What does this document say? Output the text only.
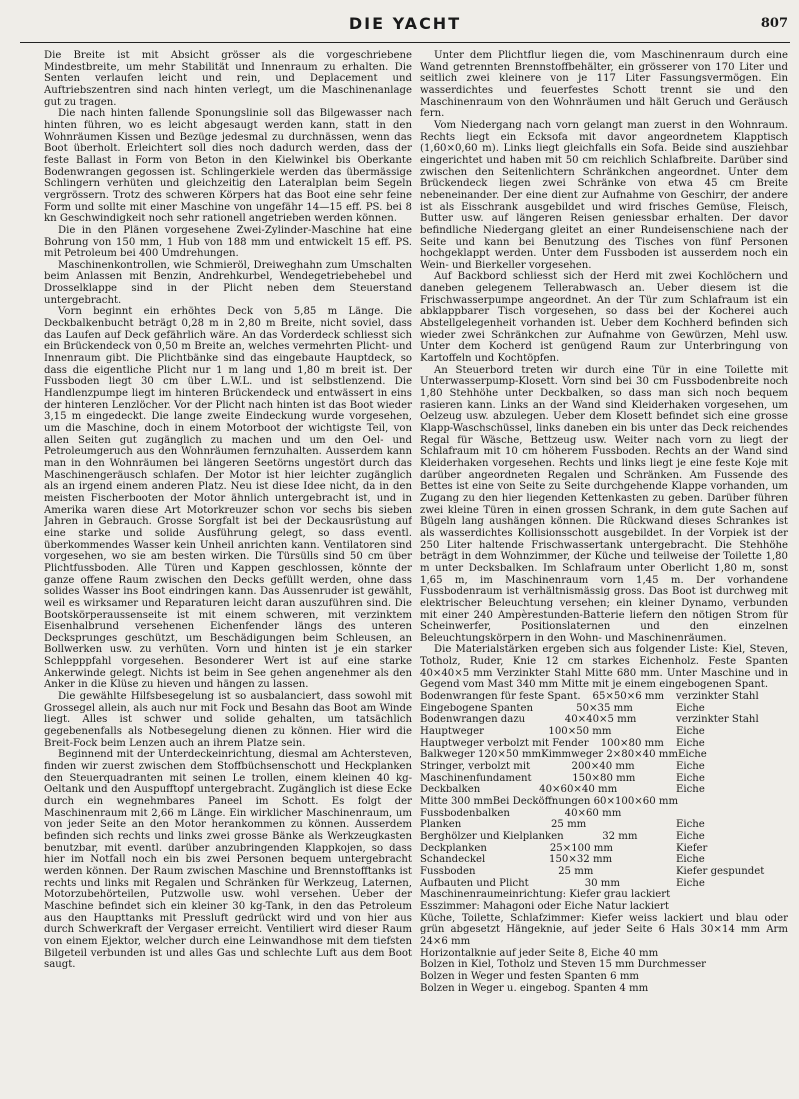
DIE YACHT	807

Die Breite ist mit Absicht grösser als die vorgeschriebene Mindestbreite, um mehr Stabilität und Innenraum zu erhalten. Die Senten verlaufen leicht und rein, und Deplacement und Auftriebszentren sind nach hinten verlegt, um die Maschinenanlage gut zu tragen.

Die nach hinten fallende Sponungslinie soll das Bilgewasser nach hinten führen, wo es leicht abgesaugt werden kann, statt in den Wohnräumen Kissen und Bezüge jedesmal zu durchnässen, wenn das Boot überholt. Erleichtert soll dies noch dadurch werden, dass der feste Ballast in Form von Beton in den Kielwinkel bis Oberkante Bodenwrangen gegossen ist. Schlingerkiele werden das übermässige Schlingern verhüten und gleichzeitig den Lateralplan beim Segeln vergrössern. Trotz des schweren Körpers hat das Boot eine sehr feine Form und sollte mit einer Maschine von ungefähr 14—15 eff. PS. bei 8 kn Geschwindigkeit noch sehr rationell angetrieben werden können.

Die in den Plänen vorgesehene Zwei-Zylinder-Maschine hat eine Bohrung von 150 mm, 1 Hub von 188 mm und entwickelt 15 eff. PS. mit Petroleum bei 400 Umdrehungen.

Maschinenkontrollen, wie Schmieröl, Dreiweghahn zum Umschalten beim Anlassen mit Benzin, Andrehkurbel, Wendegetriebehebel und Drosselklappe sind in der Plicht neben dem Steuerstand untergebracht.

Vorn beginnt ein erhöhtes Deck von 5,85 m Länge. Die Deckbalkenbucht beträgt 0,28 m in 2,80 m Breite, nicht soviel, dass das Laufen auf Deck gefährlich wäre. An das Vorderdeck schliesst sich ein Brückendeck von 0,50 m Breite an, welches vermehrten Plicht- und Innenraum gibt. Die Plichtbänke sind das eingebaute Hauptdeck, so dass die eigentliche Plicht nur 1 m lang und 1,80 m breit ist. Der Fussboden liegt 30 cm über L.W.L. und ist selbstlenzend. Die Handlenzpumpe liegt im hinteren Brückendeck und entwässert in eins der hinteren Lenzlöcher. Vor der Plicht nach hinten ist das Boot wieder 3,15 m eingedeckt. Die lange zweite Eindeckung wurde vorgesehen, um die Maschine, doch in einem Motorboot der wichtigste Teil, von allen Seiten gut zugänglich zu machen und um den Oel- und Petroleumgeruch aus den Wohnräumen fernzuhalten. Ausserdem kann man in den Wohnräumen bei längeren Seetörns ungestört durch das Maschinengeräusch schlafen. Der Motor ist hier leichter zugänglich als an irgend einem anderen Platz. Neu ist diese Idee nicht, da in den meisten Fischerbooten der Motor ähnlich untergebracht ist, und in Amerika waren diese Art Motorkreuzer schon vor sechs bis sieben Jahren in Gebrauch. Grosse Sorgfalt ist bei der Deckausrüstung auf eine starke und solide Ausführung gelegt, so dass eventl. überkommendes Wasser kein Unheil anrichten kann. Ventilatoren sind vorgesehen, wo sie am besten wirken. Die Türsülls sind 50 cm über Plichtfussboden. Alle Türen und Kappen geschlossen, könnte der ganze offene Raum zwischen den Decks gefüllt werden, ohne dass solides Wasser ins Boot eindringen kann. Das Aussenruder ist gewählt, weil es wirksamer und Reparaturen leicht daran auszuführen sind. Die Bootskörperaussenseite ist mit einem schweren, mit verzinktem Eisenhalbrund versehenen Eichenfender längs des unteren Decksprunges geschützt, um Beschädigungen beim Schleusen, an Bollwerken usw. zu verhüten. Vorn und hinten ist je ein starker Schlepppfahl vorgesehen. Besonderer Wert ist auf eine starke Ankerwinde gelegt. Nichts ist beim in See gehen angenehmer als den Anker in die Klüse zu hieven und hängen zu lassen.

Die gewählte Hilfsbesegelung ist so ausbalanciert, dass sowohl mit Grossegel allein, als auch nur mit Fock und Besahn das Boot am Winde liegt. Alles ist schwer und solide gehalten, um tatsächlich gegebenenfalls als Notbesegelung dienen zu können. Hier wird die Breit-Fock beim Lenzen auch an ihrem Platze sein.

Beginnend mit der Unterdeckeinrichtung, diesmal am Achtersteven, finden wir zuerst zwischen dem Stoffbüchsenschott und Heckplanken den Steuerquadranten mit seinen Le trollen, einem kleinen 40 kg-Oeltank und den Auspufftopf untergebracht. Zugänglich ist diese Ecke durch ein wegnehmbares Paneel im Schott. Es folgt der Maschinenraum mit 2,66 m Länge. Ein wirklicher Maschinenraum, um von jeder Seite an den Motor herankommen zu können. Ausserdem befinden sich rechts und links zwei grosse Bänke als Werkzeugkasten benutzbar, mit eventl. darüber anzubringenden Klappkojen, so dass hier im Notfall noch ein bis zwei Personen bequem untergebracht werden können. Der Raum zwischen Maschine und Brennstofftanks ist rechts und links mit Regalen und Schränken für Werkzeug, Laternen, Motorzubehörteilen, Putzwolle usw. wohl versehen. Ueber der Maschine befindet sich ein kleiner 30 kg-Tank, in den das Petroleum aus den Haupttanks mit Pressluft gedrückt wird und von hier aus durch Schwerkraft der Vergaser erreicht. Ventiliert wird dieser Raum von einem Ejektor, welcher durch eine Leinwandhose mit dem tiefsten Bilgeteil verbunden ist und alles Gas und schlechte Luft aus dem Boot saugt.

Unter dem Plichtflur liegen die, vom Maschinenraum durch eine Wand getrennten Brennstoffbehälter, ein grösserer von 170 Liter und seitlich zwei kleinere von je 117 Liter Fassungsvermögen. Ein wasserdichtes und feuerfestes Schott trennt sie und den Maschinenraum von den Wohnräumen und hält Geruch und Geräusch fern.

Vom Niedergang nach vorn gelangt man zuerst in den Wohnraum. Rechts liegt ein Ecksofa mit davor angeordnetem Klapptisch (1,60×0,60 m). Links liegt gleichfalls ein Sofa. Beide sind ausziehbar eingerichtet und haben mit 50 cm reichlich Schlafbreite. Darüber sind zwischen den Seitenlichtern Schränkchen angeordnet. Unter dem Brückendeck liegen zwei Schränke von etwa 45 cm Breite nebeneinander. Der eine dient zur Aufnahme von Geschirr, der andere ist als Eisschrank ausgebildet und wird frisches Gemüse, Fleisch, Butter usw. auf längeren Reisen geniessbar erhalten. Der davor befindliche Niedergang gleitet an einer Rundeisenschiene nach der Seite und kann bei Benutzung des Tisches von fünf Personen hochgeklappt werden. Unter dem Fussboden ist ausserdem noch ein Wein- und Bierkeller vorgesehen.

Auf Backbord schliesst sich der Herd mit zwei Kochlöchern und daneben gelegenem Tellerabwasch an. Ueber diesem ist die Frischwasserpumpe angeordnet. An der Tür zum Schlafraum ist ein abklappbarer Tisch vorgesehen, so dass bei der Kocherei auch Abstellgelegenheit vorhanden ist. Ueber dem Kochherd befinden sich wieder zwei Schränkchen zur Aufnahme von Gewürzen, Mehl usw. Unter dem Kocherd ist genügend Raum zur Unterbringung von Kartoffeln und Kochtöpfen.

An Steuerbord treten wir durch eine Tür in eine Toilette mit Unterwasserpump-Klosett. Vorn sind bei 30 cm Fussbodenbreite noch 1,80 Stehhöhe unter Deckbalken, so dass man sich noch bequem rasieren kann. Links an der Wand sind Kleiderhaken vorgesehen, um Oelzeug usw. abzulegen. Ueber dem Klosett befindet sich eine grosse Klapp-Waschschüssel, links daneben ein bis unter das Deck reichendes Regal für Wäsche, Bettzeug usw. Weiter nach vorn zu liegt der Schlafraum mit 10 cm höherem Fussboden. Rechts an der Wand sind Kleiderhaken vorgesehen. Rechts und links liegt je eine feste Koje mit darüber angeordneten Regalen und Schränken. Am Fussende des Bettes ist eine von Seite zu Seite durchgehende Klappe vorhanden, um Zugang zu den hier liegenden Kettenkasten zu geben. Darüber führen zwei kleine Türen in einen grossen Schrank, in dem gute Sachen auf Bügeln lang aushängen können. Die Rückwand dieses Schrankes ist als wasserdichtes Kollisionsschott ausgebildet. In der Vorpiek ist der 250 Liter haltende Frischwassertank untergebracht. Die Stehhöhe beträgt in dem Wohnzimmer, der Küche und teilweise der Toilette 1,80 m unter Decksbalken. Im Schlafraum unter Oberlicht 1,80 m, sonst 1,65 m, im Maschinenraum vorn 1,45 m. Der vorhandene Fussbodenraum ist verhältnismässig gross. Das Boot ist durchweg mit elektrischer Beleuchtung versehen; ein kleiner Dynamo, verbunden mit einer 240 Ampèrestunden-Batterie liefern den nötigen Strom für Scheinwerfer, Positionslaternen und den einzelnen Beleuchtungskörpern in den Wohn- und Maschinenräumen.

Die Materialstärken ergeben sich aus folgender Liste: Kiel, Steven, Totholz, Ruder, Knie 12 cm starkes Eichenholz. Feste Spanten 40×40×5 mm Verzinkter Stahl Mitte 680 mm. Unter Maschine und in Gegend vom Mast 340 mm Mitte mit je einem eingebogenen Spant.

Bodenwrangen für feste Spant. 65×50×6 mm verzinkter Stahl
Eingebogene Spanten	50×35 mm	Eiche
Bodenwrangen dazu	40×40×5 mm	verzinkter Stahl
Hauptweger	100×50 mm	Eiche
Hauptweger verbolzt mit Fender 100×80 mm Eiche
Balkweger 120×50 mm Kimmweger 2×80×40 mm Eiche
Stringer, verbolzt mit	200×40 mm	Eiche
Maschinenfundament	150×80 mm	Eiche
Deckbalken	40×60×40 mm	Eiche
Mitte 300 mm Bei Decköffnungen 60×100×60 mm
Fussbodenbalken	40×60 mm
Planken	25 mm	Eiche
Berghölzer und Kielplanken	32 mm	Eiche
Deckplanken	25×100 mm	Kiefer
Schandeckel	150×32 mm	Eiche
Fussboden	25 mm	Kiefer gespundet
Aufbauten und Plicht	30 mm	Eiche

Maschinenraumeinrichtung: Kiefer grau lackiert

Esszimmer: Mahagoni oder Eiche Natur lackiert

Küche, Toilette, Schlafzimmer: Kiefer weiss lackiert und blau oder grün abgesetzt Hängeknie, auf jeder Seite 6 Hals 30×14 mm Arm 24×6 mm

Horizontalknie auf jeder Seite 8, Eiche 40 mm

Bolzen in Kiel, Totholz und Steven 15 mm Durchmesser

Bolzen in Weger und festen Spanten 6 mm

Bolzen in Weger u. eingebog. Spanten 4 mm
